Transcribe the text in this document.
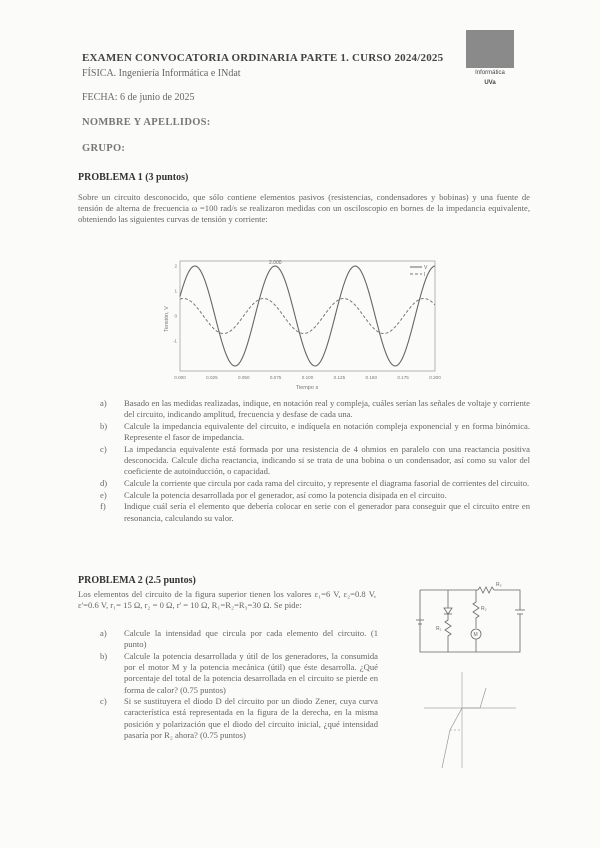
EXAMEN CONVOCATORIA ORDINARIA PARTE 1. CURSO 2024/2025
FÍSICA. Ingeniería Informática e INdat
FECHA: 6 de junio de 2025
NOMBRE Y APELLIDOS:
GRUPO:
Informática
UVa
PROBLEMA 1 (3 puntos)
Sobre un circuito desconocido, que sólo contiene elementos pasivos (resistencias, condensadores y bobinas) y una fuente de tensión de alterna de frecuencia ω =100 rad/s se realizaron medidas con un osciloscopio en bornes de la impedancia equivalente, obteniendo las siguientes curvas de tensión y corriente:
2
1
0
-1
0.000	0.025	0.050	0.075	0.100	0.125	0.150	0.175	0.200
2.000
Tensión, V
Tiempo s
V
I
a) Basado en las medidas realizadas, indique, en notación real y compleja, cuáles serían las señales de voltaje y corriente del circuito, indicando amplitud, frecuencia y desfase de cada una.
b) Calcule la impedancia equivalente del circuito, e indíquela en notación compleja exponencial y en forma binómica. Represente el fasor de impedancia.
c) La impedancia equivalente está formada por una resistencia de 4 ohmios en paralelo con una reactancia positiva desconocida. Calcule dicha reactancia, indicando si se trata de una bobina o un condensador, así como su valor del coeficiente de autoinducción, o capacidad.
d) Calcule la corriente que circula por cada rama del circuito, y represente el diagrama fasorial de corrientes del circuito.
e) Calcule la potencia desarrollada por el generador, así como la potencia disipada en el circuito.
f) Indique cuál sería el elemento que debería colocar en serie con el generador para conseguir que el circuito entre en resonancia, calculando su valor.
PROBLEMA 2 (2.5 puntos)
Los elementos del circuito de la figura superior tienen los valores ε₁=6 V, ε₂=0.8 V, ε'=0.6 V, r₁= 15 Ω, r₂ = 0 Ω, r' = 10 Ω, R₁=R₂=R₃=30 Ω. Se pide:
a) Calcule la intensidad que circula por cada elemento del circuito. (1 punto)
b) Calcule la potencia desarrollada y útil de los generadores, la consumida por el motor M y la potencia mecánica (útil) que éste desarrolla. ¿Qué porcentaje del total de la potencia desarrollada en el circuito se pierde en forma de calor? (0.75 puntos)
c) Si se sustituyera el diodo D del circuito por un diodo Zener, cuya curva característica está representada en la figura de la derecha, en la misma posición y polarización que el diodo del circuito inicial, ¿qué intensidad pasaría por R₂ ahora? (0.75 puntos)
R₃
R₁
R₂
M
